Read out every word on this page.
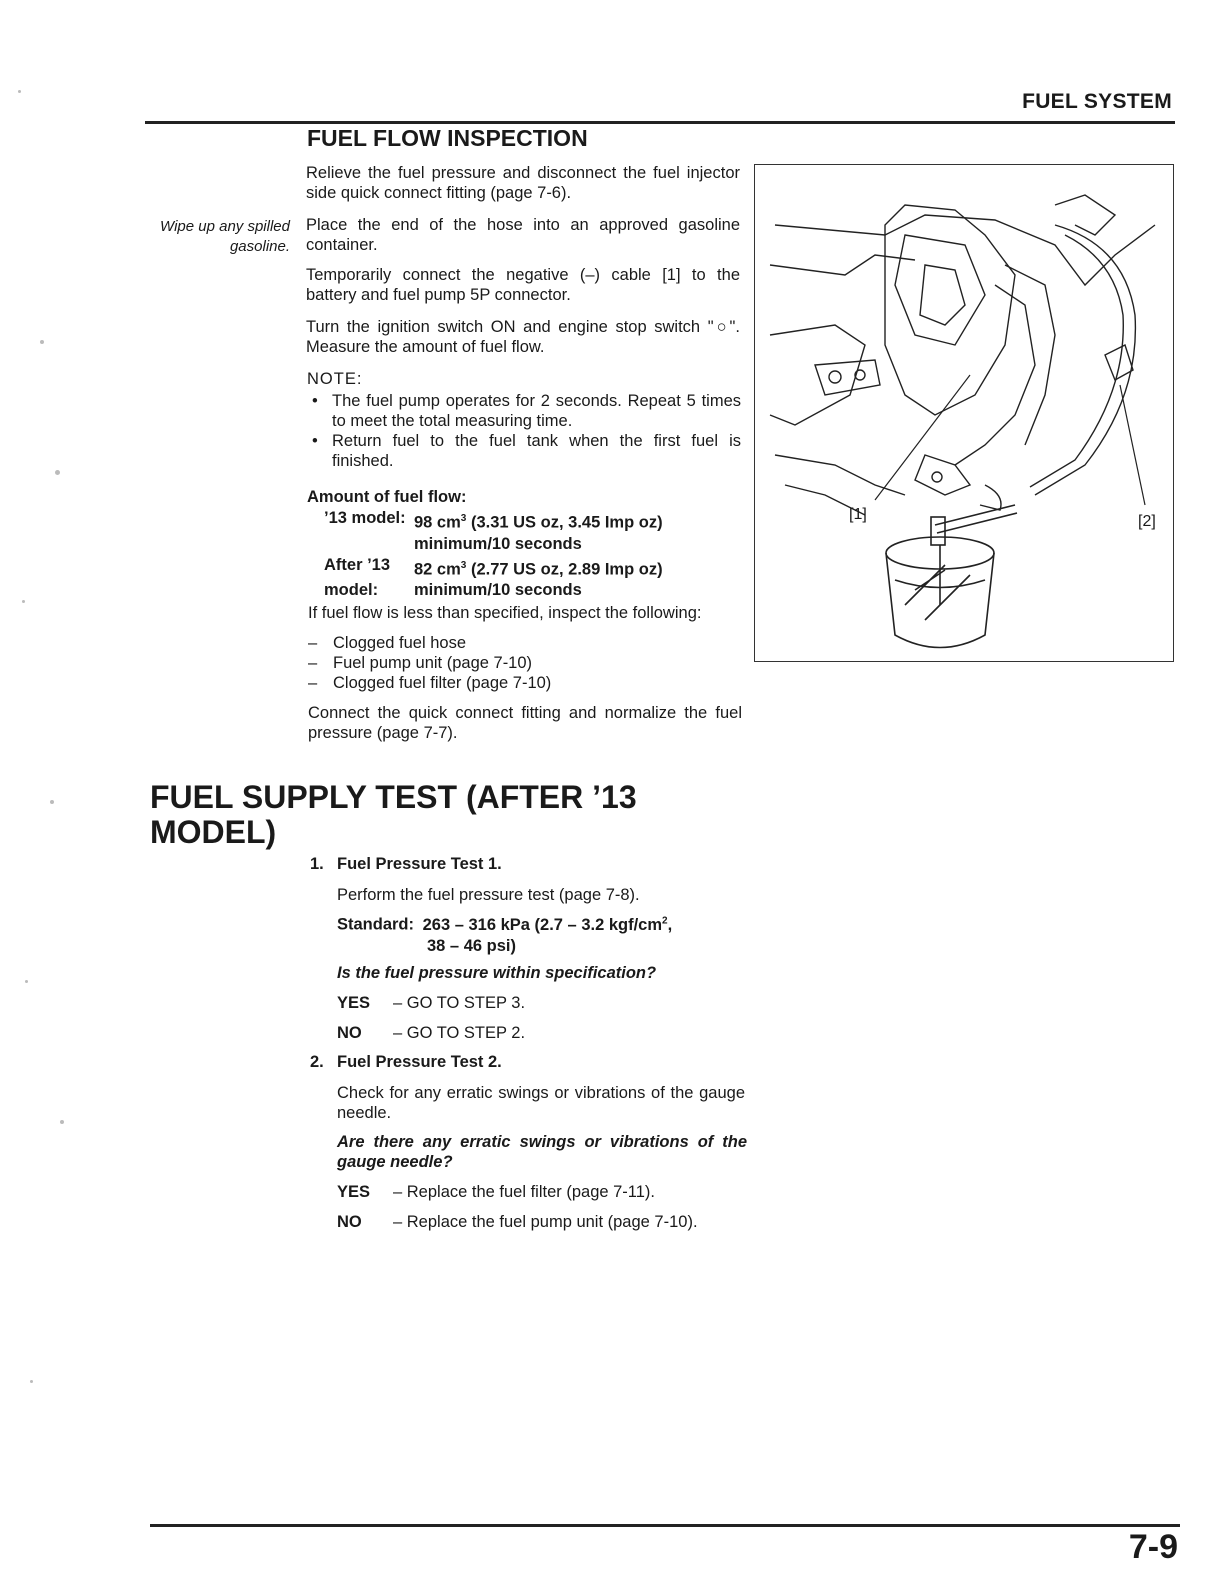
FUEL SYSTEM
FUEL FLOW INSPECTION
Wipe up any spilled
gasoline.
Relieve the fuel pressure and disconnect the fuel injector side quick connect fitting (page 7-6).
Place the end of the hose into an approved gasoline container.
Temporarily connect the negative (–) cable [1] to the battery and fuel pump 5P connector.
Turn the ignition switch ON and engine stop switch "○". Measure the amount of fuel flow.
NOTE:
• The fuel pump operates for 2 seconds. Repeat 5 times to meet the total measuring time.
• Return fuel to the fuel tank when the first fuel is finished.
Amount of fuel flow:
’13 model: 98 $cm^3$ (3.31 US oz, 3.45 Imp oz)
minimum/10 seconds
After ’13	82 $cm^3$ (2.77 US oz, 2.89 Imp oz)
model:	minimum/10 seconds
If fuel flow is less than specified, inspect the following:
– Clogged fuel hose
– Fuel pump unit (page 7-10)
– Clogged fuel filter (page 7-10)
Connect the quick connect fitting and normalize the fuel pressure (page 7-7).
[1]	[2]
FUEL SUPPLY TEST (AFTER ’13
MODEL)
1. Fuel Pressure Test 1.
Perform the fuel pressure test (page 7-8).
Standard: 263 – 316 kPa (2.7 – 3.2 kgf/$cm^2$,
38 – 46 psi)
Is the fuel pressure within specification?
YES	– GO TO STEP 3.
NO	– GO TO STEP 2.
2. Fuel Pressure Test 2.
Check for any erratic swings or vibrations of the gauge needle.
Are there any erratic swings or vibrations of the gauge needle?
YES	– Replace the fuel filter (page 7-11).
NO	– Replace the fuel pump unit (page 7-10).
7-9
